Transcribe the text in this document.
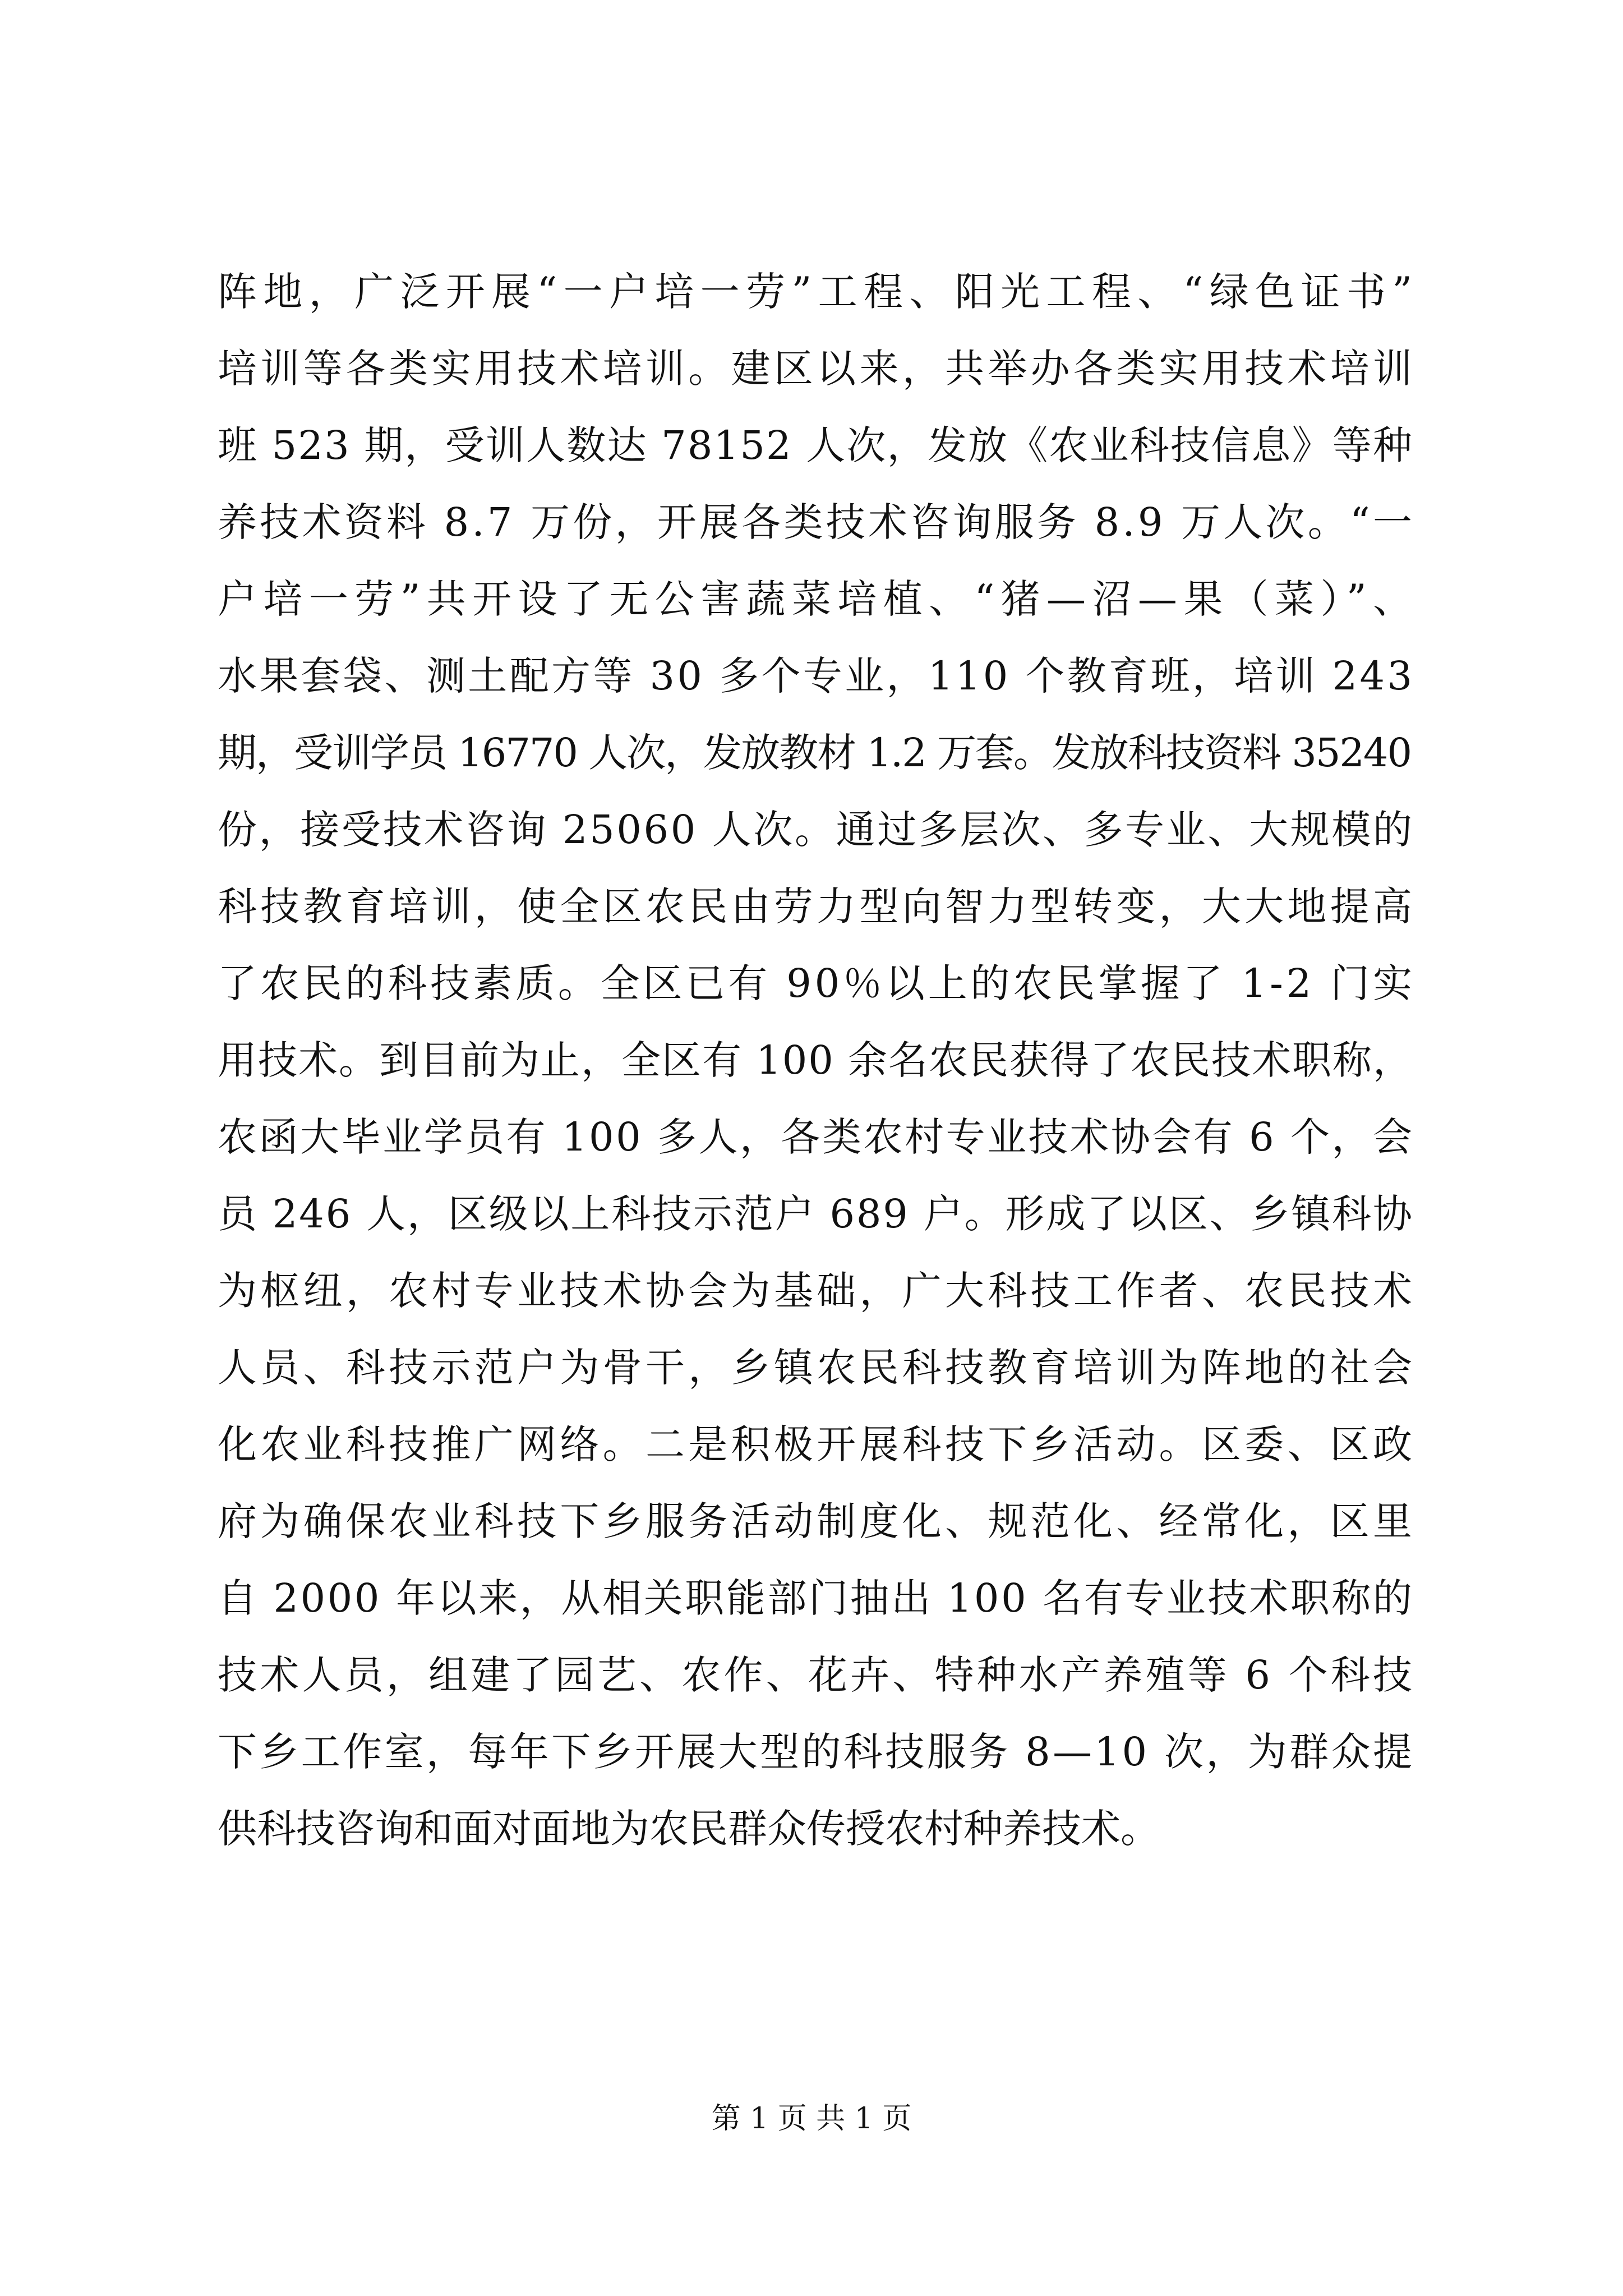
阵地，广泛开展“一户培一劳”工程、阳光工程、“绿色证书”
培训等各类实用技术培训。建区以来，共举办各类实用技术培训
班 523 期，受训人数达 78152 人次，发放《农业科技信息》等种
养技术资料 8.7 万份，开展各类技术咨询服务 8.9 万人次。“一
户培一劳”共开设了无公害蔬菜培植、“猪—沼—果（菜）”、
水果套袋、测土配方等 30 多个专业，110 个教育班，培训 243
期，受训学员 16770 人次，发放教材 1.2 万套。发放科技资料 35240
份，接受技术咨询 25060 人次。通过多层次、多专业、大规模的
科技教育培训，使全区农民由劳力型向智力型转变，大大地提高
了农民的科技素质。全区已有 90％以上的农民掌握了 1-2 门实
用技术。到目前为止，全区有 100 余名农民获得了农民技术职称，
农函大毕业学员有 100 多人，各类农村专业技术协会有 6 个，会
员 246 人，区级以上科技示范户 689 户。形成了以区、乡镇科协
为枢纽，农村专业技术协会为基础，广大科技工作者、农民技术
人员、科技示范户为骨干，乡镇农民科技教育培训为阵地的社会
化农业科技推广网络。二是积极开展科技下乡活动。区委、区政
府为确保农业科技下乡服务活动制度化、规范化、经常化，区里
自 2000 年以来，从相关职能部门抽出 100 名有专业技术职称的
技术人员，组建了园艺、农作、花卉、特种水产养殖等 6 个科技
下乡工作室，每年下乡开展大型的科技服务 8—10 次，为群众提
供科技咨询和面对面地为农民群众传授农村种养技术。
第 1 页 共 1 页
